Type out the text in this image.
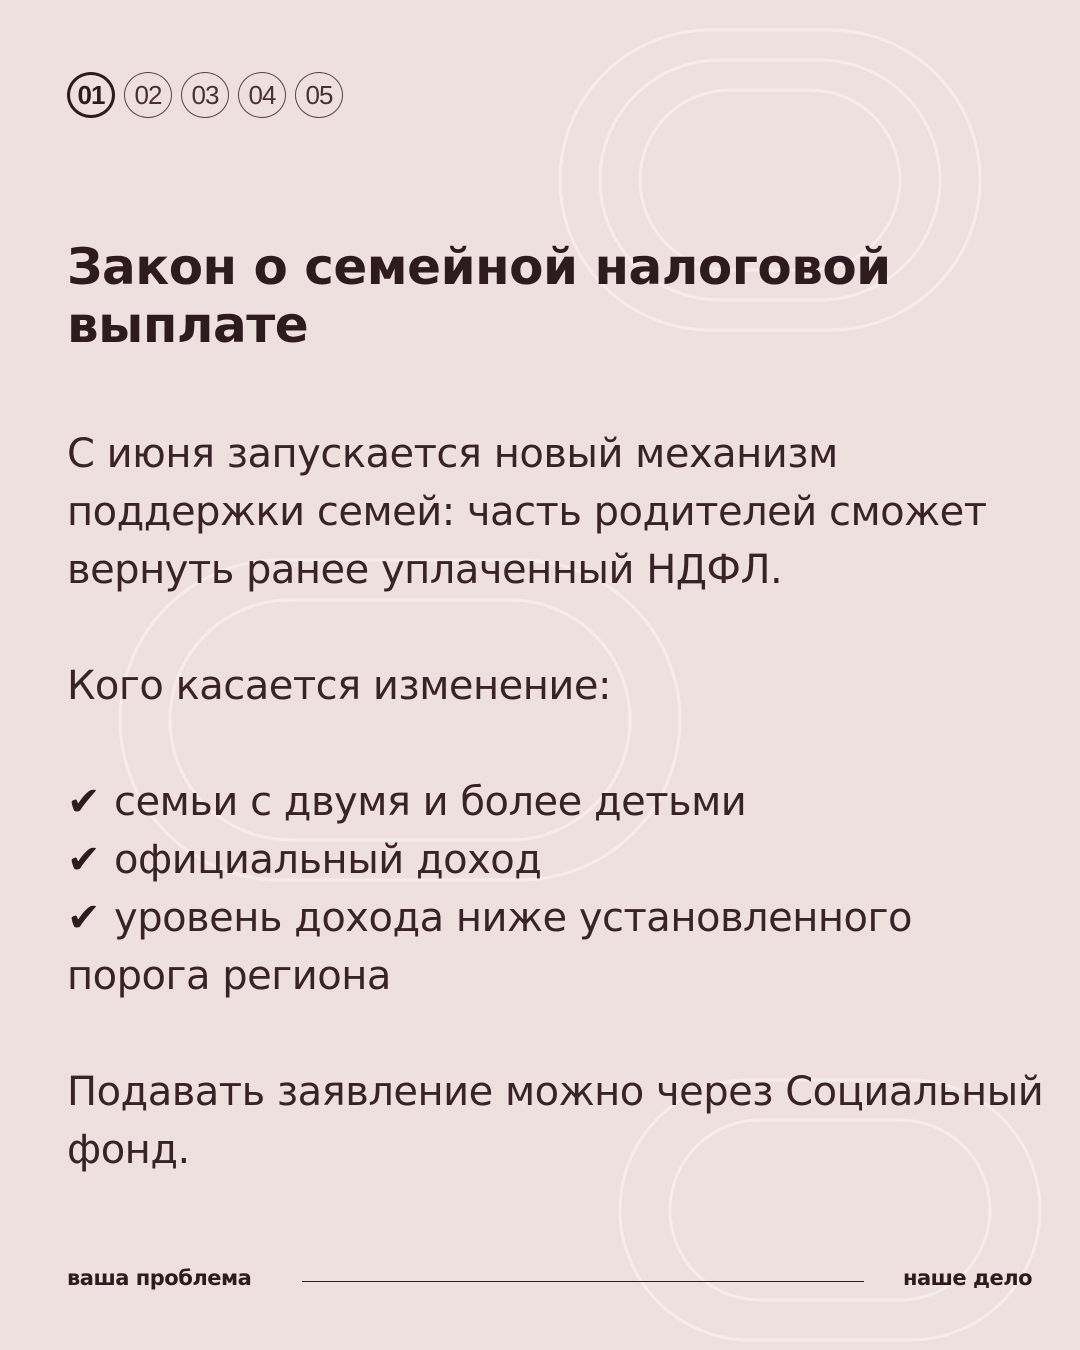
01	02	03	04	05
Закон о семейной налоговой выплате

С июня запускается новый механизм поддержки семей: часть родителей сможет вернуть ранее уплаченный НДФЛ.

Кого касается изменение:

✔ семьи с двумя и более детьми
✔ официальный доход
✔ уровень дохода ниже установленного порога региона

Подавать заявление можно через Социальный фонд.

ваша проблема	наше дело
